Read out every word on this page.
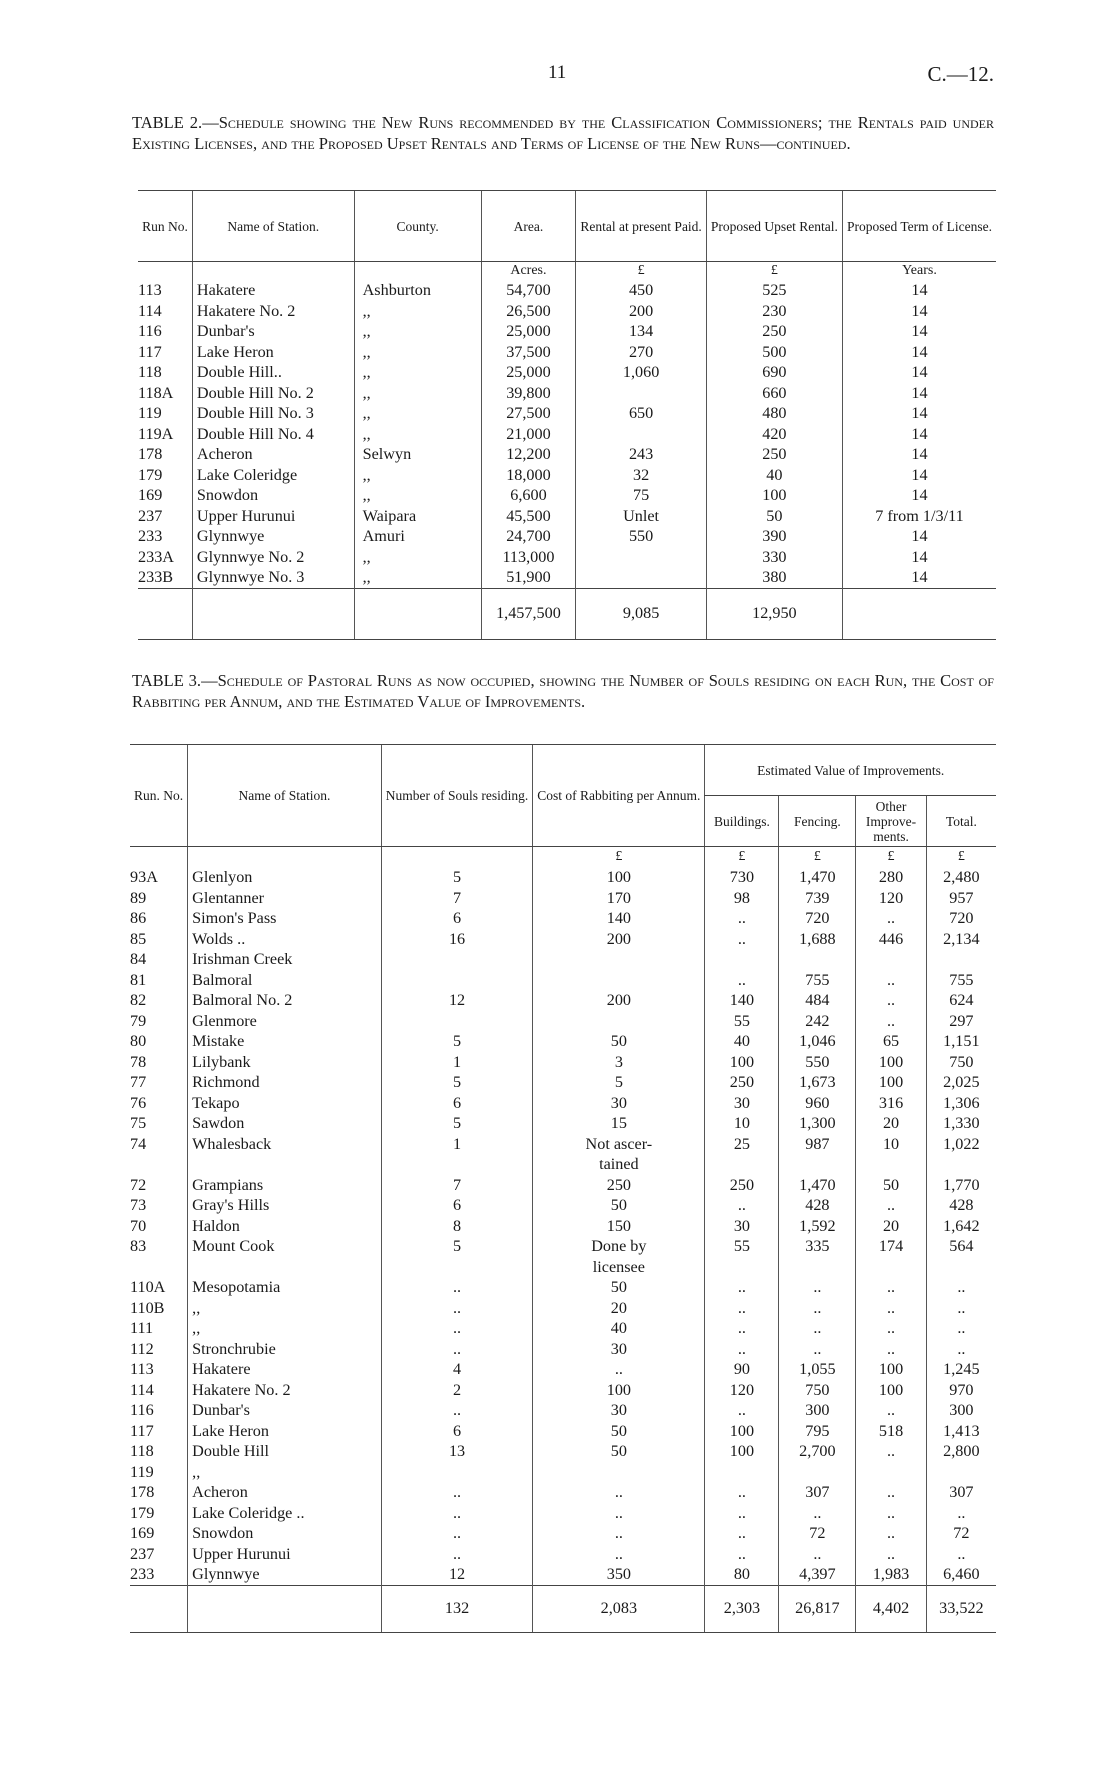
11	C.—12.
TABLE 2.—Schedule showing the New Runs recommended by the Classification Commissioners; the Rentals paid under Existing Licenses, and the Proposed Upset Rentals and Terms of License of the New Runs—continued.
Run No.	Name of Station.	County.	Area.	Rental at present Paid.	Proposed Upset Rental.	Proposed Term of License.
			Acres.	£	£	Years.
113	Hakatere	Ashburton	54,700	450	525	14
114	Hakatere No. 2	,,	26,500	200	230	14
116	Dunbar's	,,	25,000	134	250	14
117	Lake Heron	,,	37,500	270	500	14
118	Double Hill..	,,	25,000	1,060	690	14
118A	Double Hill No. 2	,,	39,800		660	14
119	Double Hill No. 3	,,	27,500	650	480	14
119A	Double Hill No. 4	,,	21,000		420	14
178	Acheron	Selwyn	12,200	243	250	14
179	Lake Coleridge	,,	18,000	32	40	14
169	Snowdon	,,	6,600	75	100	14
237	Upper Hurunui	Waipara	45,500	Unlet	50	7 from 1/3/11
233	Glynnwye	Amuri	24,700	550	390	14
233A	Glynnwye No. 2	,,	113,000		330	14
233B	Glynnwye No. 3	,,	51,900		380	14
			1,457,500	9,085	12,950	
TABLE 3.—Schedule of Pastoral Runs as now occupied, showing the Number of Souls residing on each Run, the Cost of Rabbiting per Annum, and the Estimated Value of Improvements.
Run. No.	Name of Station.	Number of Souls residing.	Cost of Rabbiting per Annum.	Estimated Value of Improvements.			
				Buildings.	Fencing.	Other Improve- ments.	Total.
			£	£	£	£	£
93A	Glenlyon	5	100	730	1,470	280	2,480
89	Glentanner	7	170	98	739	120	957
86	Simon's Pass	6	140	..	720	..	720
85	Wolds ..	16	200	..	1,688	446	2,134
84	Irishman Creek						
81	Balmoral			..	755	..	755
82	Balmoral No. 2	12	200	140	484	..	624
79	Glenmore			55	242	..	297
80	Mistake	5	50	40	1,046	65	1,151
78	Lilybank	1	3	100	550	100	750
77	Richmond	5	5	250	1,673	100	2,025
76	Tekapo	6	30	30	960	316	1,306
75	Sawdon	5	15	10	1,300	20	1,330
74	Whalesback	1	Not ascer-	25	987	10	1,022
			tained				
72	Grampians	7	250	250	1,470	50	1,770
73	Gray's Hills	6	50	..	428	..	428
70	Haldon	8	150	30	1,592	20	1,642
83	Mount Cook	5	Done by	55	335	174	564
			licensee				
110A	Mesopotamia	..	50	..	..	..	..
110B	,,	..	20	..	..	..	..
111	,,	..	40	..	..	..	..
112	Stronchrubie	..	30	..	..	..	..
113	Hakatere	4	..	90	1,055	100	1,245
114	Hakatere No. 2	2	100	120	750	100	970
116	Dunbar's	..	30	..	300	..	300
117	Lake Heron	6	50	100	795	518	1,413
118	Double Hill	13	50	100	2,700	..	2,800
119	,,						
178	Acheron	..	..	..	307	..	307
179	Lake Coleridge ..	..	..	..	..	..	..
169	Snowdon	..	..	..	72	..	72
237	Upper Hurunui	..	..	..	..	..	..
233	Glynnwye	12	350	80	4,397	1,983	6,460
		132	2,083	2,303	26,817	4,402	33,522
